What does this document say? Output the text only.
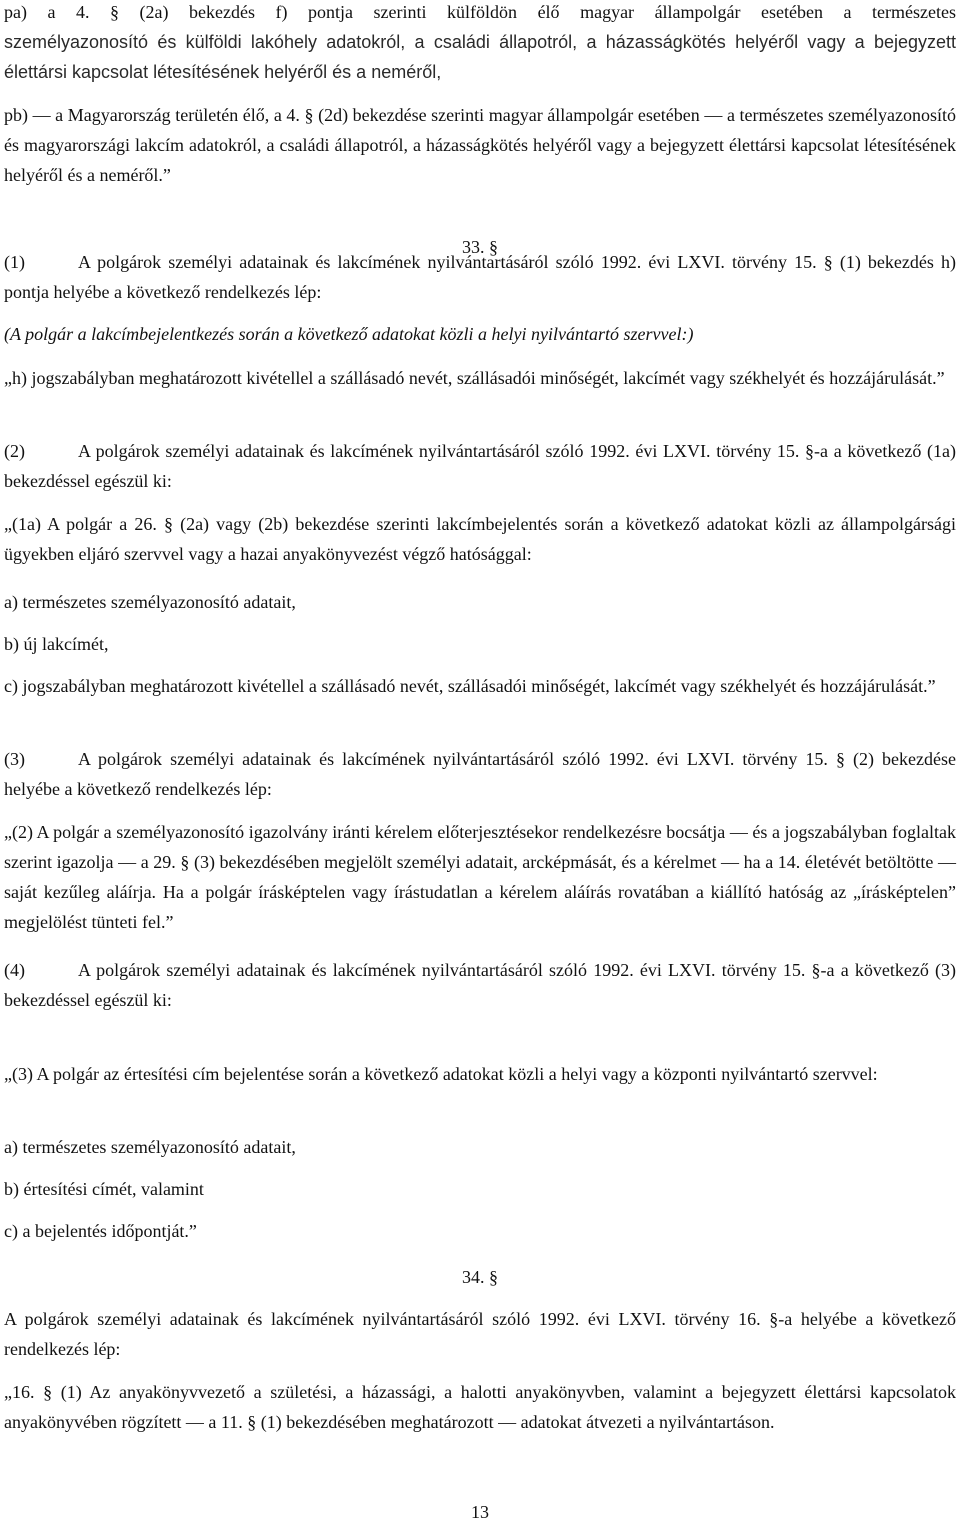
pa) a 4. § (2a) bekezdés f) pontja szerinti külföldön élő magyar állampolgár esetében a természetes
személyazonosító és külföldi lakóhely adatokról, a családi állapotról, a házasságkötés helyéről vagy a bejegyzett élettársi kapcsolat létesítésének helyéről és a neméről,
pb) ― a Magyarország területén élő, a 4. § (2d) bekezdése szerinti magyar állampolgár esetében ― a természetes személyazonosító és magyarországi lakcím adatokról, a családi állapotról, a házasságkötés helyéről vagy a bejegyzett élettársi kapcsolat létesítésének helyéről és a neméről.”
33. §
(1)	A polgárok személyi adatainak és lakcímének nyilvántartásáról szóló 1992. évi LXVI. törvény 15. § (1) bekezdés h) pontja helyébe a következő rendelkezés lép:
(A polgár a lakcímbejelentkezés során a következő adatokat közli a helyi nyilvántartó szervvel:)
„h) jogszabályban meghatározott kivétellel a szállásadó nevét, szállásadói minőségét, lakcímét vagy székhelyét és hozzájárulását.”
(2)	A polgárok személyi adatainak és lakcímének nyilvántartásáról szóló 1992. évi LXVI. törvény 15. §-a a következő (1a) bekezdéssel egészül ki:
„(1a) A polgár a 26. § (2a) vagy (2b) bekezdése szerinti lakcímbejelentés során a következő adatokat közli az állampolgársági ügyekben eljáró szervvel vagy a hazai anyakönyvezést végző hatósággal:
a) természetes személyazonosító adatait,
b) új lakcímét,
c) jogszabályban meghatározott kivétellel a szállásadó nevét, szállásadói minőségét, lakcímét vagy székhelyét és hozzájárulását.”
(3)	A polgárok személyi adatainak és lakcímének nyilvántartásáról szóló 1992. évi LXVI. törvény 15. § (2) bekezdése helyébe a következő rendelkezés lép:
„(2) A polgár a személyazonosító igazolvány iránti kérelem előterjesztésekor rendelkezésre bocsátja ― és a jogszabályban foglaltak szerint igazolja ― a 29. § (3) bekezdésében megjelölt személyi adatait, arcképmását, és a kérelmet ― ha a 14. életévét betöltötte ― saját kezűleg aláírja. Ha a polgár írásképtelen vagy írástudatlan a kérelem aláírás rovatában a kiállító hatóság az „írásképtelen” megjelölést tünteti fel.”
(4)	A polgárok személyi adatainak és lakcímének nyilvántartásáról szóló 1992. évi LXVI. törvény 15. §-a a következő (3) bekezdéssel egészül ki:
„(3) A polgár az értesítési cím bejelentése során a következő adatokat közli a helyi vagy a központi nyilvántartó szervvel:
a) természetes személyazonosító adatait,
b) értesítési címét, valamint
c) a bejelentés időpontját.”
34. §
A polgárok személyi adatainak és lakcímének nyilvántartásáról szóló 1992. évi LXVI. törvény 16. §-a helyébe a következő rendelkezés lép:
„16. § (1) Az anyakönyvvezető a születési, a házassági, a halotti anyakönyvben, valamint a bejegyzett élettársi kapcsolatok anyakönyvében rögzített ― a 11. § (1) bekezdésében meghatározott ― adatokat átvezeti a nyilvántartáson.
13
